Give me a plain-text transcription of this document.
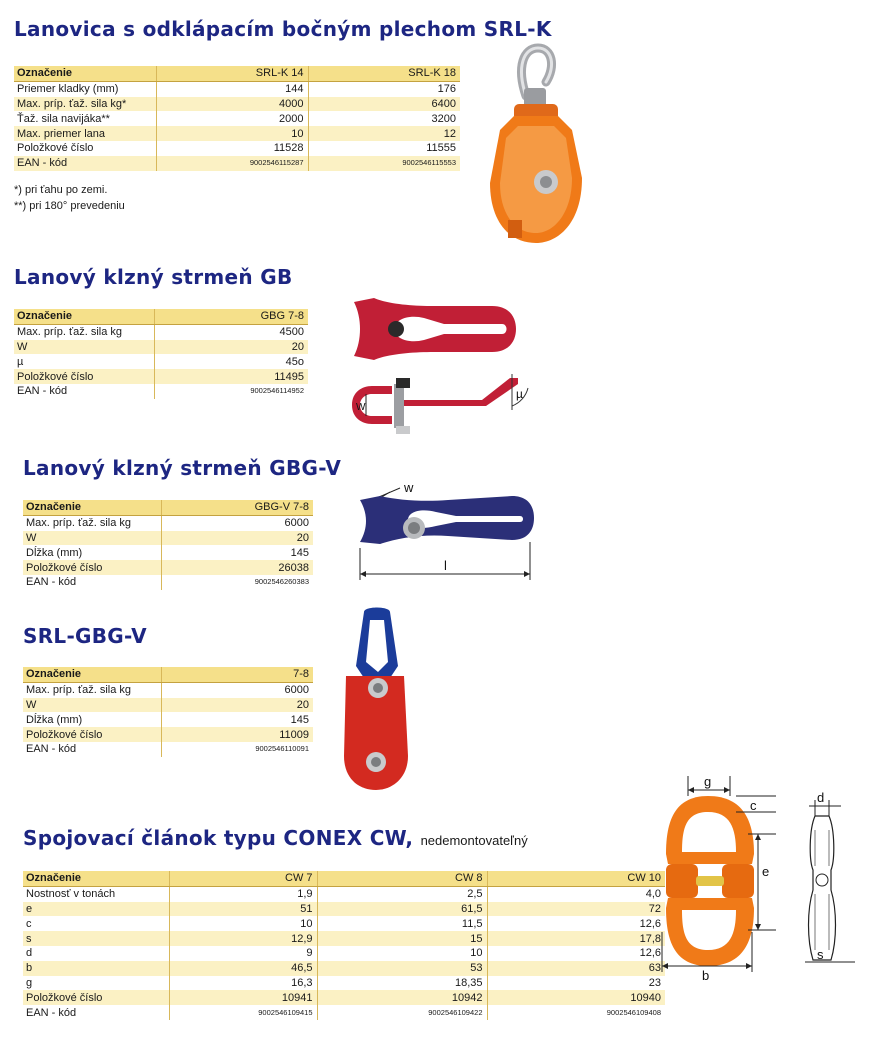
Lanovica s odklápacím bočným plechom SRL-K
Označenie	SRL-K 14	SRL-K 18
Priemer kladky (mm)	144	176
Max. príp. ťaž. sila kg*	4000	6400
Ťaž. sila navijáka**	2000	3200
Max. priemer lana	10	12
Položkové číslo	11528	11555
EAN - kód	9002546115287	9002546115553
*) pri ťahu po zemi.
**) pri 180° prevedeniu
Lanový klzný strmeň GB
Označenie	GBG 7-8
Max. príp. ťaž. sila kg	4500
W	20
µ	45o
Položkové číslo	11495
EAN - kód	9002546114952
W
µ
Lanový klzný strmeň GBG-V
Označenie	GBG-V 7-8
Max. príp. ťaž. sila kg	6000
W	20
Dĺžka (mm)	145
Položkové číslo	26038
EAN - kód	9002546260383
w
l
SRL-GBG-V
Označenie	7-8
Max. príp. ťaž. sila kg	6000
W	20
Dĺžka (mm)	145
Položkové číslo	11009
EAN - kód	9002546110091
Spojovací článok typu CONEX CW, nedemontovateľný
Označenie	CW 7	CW 8	CW 10
Nostnosť v tonách	1,9	2,5	4,0
e	51	61,5	72
c	10	11,5	12,6
s	12,9	15	17,8
d	9	10	12,6
b	46,5	53	63
g	16,3	18,35	23
Položkové číslo	10941	10942	10940
EAN - kód	9002546109415	9002546109422	9002546109408
g
c
e
b
d
s
